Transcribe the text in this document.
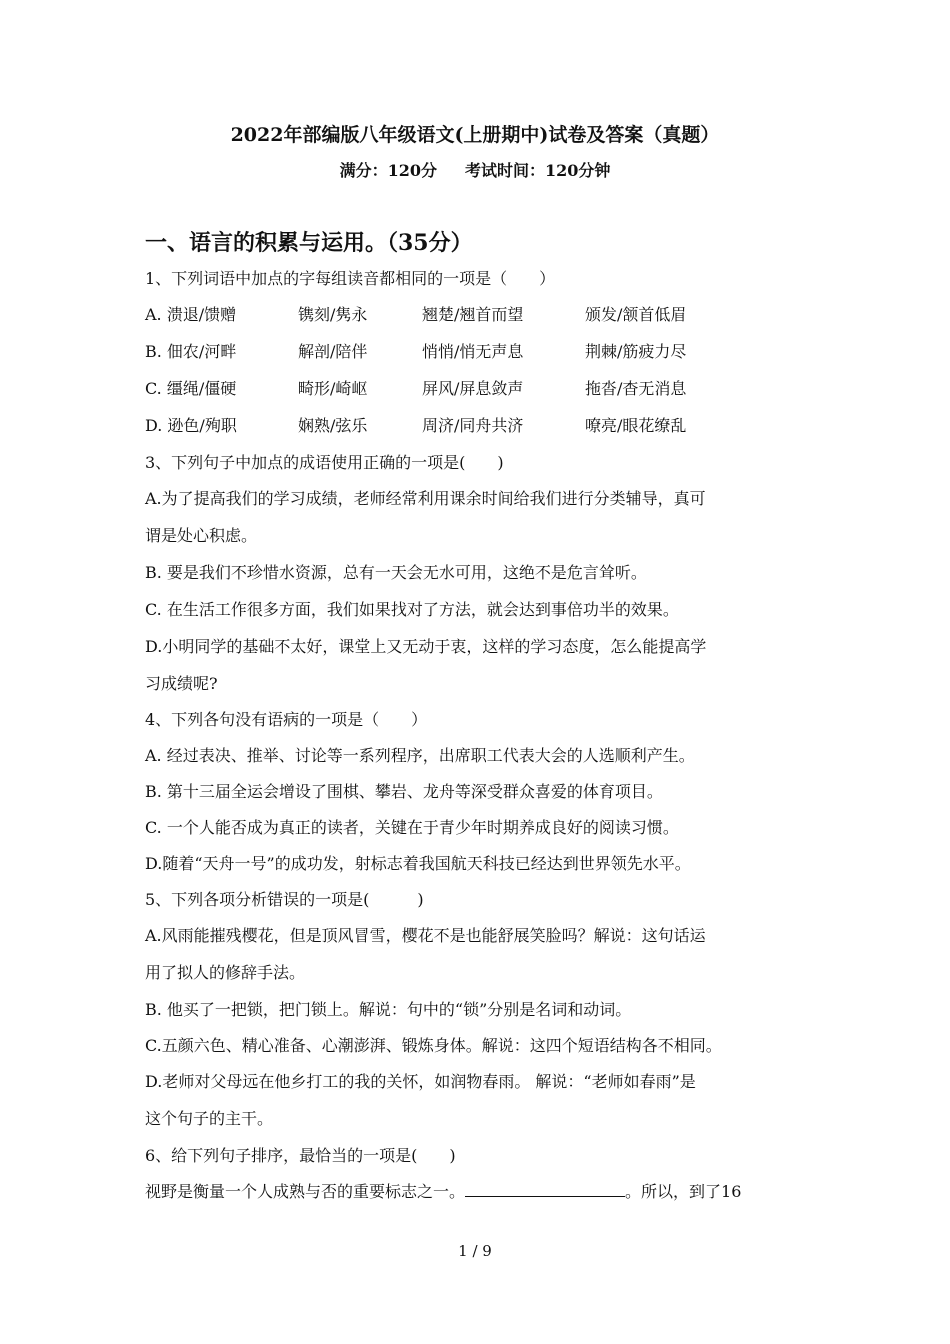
2022年部编版八年级语文(上册期中)试卷及答案（真题）
满分：120分 考试时间：120分钟
一、语言的积累与运用。（35分）
1、下列词语中加点的字每组读音都相同的一项是（　　）
A. 溃退/馈赠	镌刻/隽永	翘楚/翘首而望	颁发/颔首低眉
B. 佃农/河畔	解剖/陪伴	悄悄/悄无声息	荆棘/筋疲力尽
C. 缰绳/僵硬	畸形/崎岖	屏风/屏息敛声	拖沓/杳无消息
D. 逊色/殉职	娴熟/弦乐	周济/同舟共济	嘹亮/眼花缭乱
3、下列句子中加点的成语使用正确的一项是(　　)
A.为了提高我们的学习成绩，老师经常利用课余时间给我们进行分类辅导，真可
谓是处心积虑。
B. 要是我们不珍惜水资源，总有一天会无水可用，这绝不是危言耸听。
C. 在生活工作很多方面，我们如果找对了方法，就会达到事倍功半的效果。
D.小明同学的基础不太好，课堂上又无动于衷，这样的学习态度，怎么能提高学
习成绩呢?
4、下列各句没有语病的一项是（　　）
A. 经过表决、推举、讨论等一系列程序，出席职工代表大会的人选顺利产生。
B. 第十三届全运会增设了围棋、攀岩、龙舟等深受群众喜爱的体育项目。
C. 一个人能否成为真正的读者，关键在于青少年时期养成良好的阅读习惯。
D.随着“天舟一号”的成功发，射标志着我国航天科技已经达到世界领先水平。
5、下列各项分析错误的一项是(　　　)
A.风雨能摧残樱花，但是顶风冒雪，樱花不是也能舒展笑脸吗？解说：这句话运
用了拟人的修辞手法。
B. 他买了一把锁，把门锁上。解说：句中的“锁”分别是名词和动词。
C.五颜六色、精心准备、心潮澎湃、锻炼身体。解说：这四个短语结构各不相同。
D.老师对父母远在他乡打工的我的关怀，如润物春雨。 解说：“老师如春雨”是
这个句子的主干。
6、给下列句子排序，最恰当的一项是(　　)
视野是衡量一个人成熟与否的重要标志之一。	。所以，到了16
1 / 9
